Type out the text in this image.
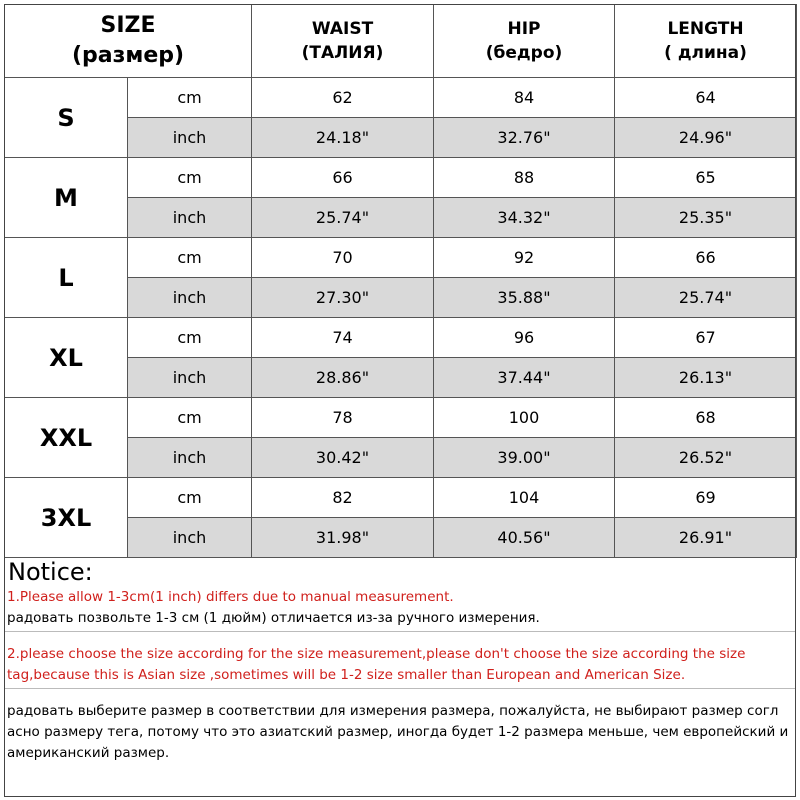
SIZE
(размер)		WAIST
(ТАЛИЯ)	HIP
(бедро)	LENGTH
( длина)
S	cm	62	84	64
	inch	24.18"	32.76"	24.96"
M	cm	66	88	65
	inch	25.74"	34.32"	25.35"
L	cm	70	92	66
	inch	27.30"	35.88"	25.74"
XL	cm	74	96	67
	inch	28.86"	37.44"	26.13"
XXL	cm	78	100	68
	inch	30.42"	39.00"	26.52"
3XL	cm	82	104	69
	inch	31.98"	40.56"	26.91"
Notice:
1.Please allow 1-3cm(1 inch) differs due to manual measurement.
радовать позвольте 1-3 см (1 дюйм) отличается из-за ручного измерения.
2.please choose the size according for the size measurement,please don't choose the size according the size tag,because this is Asian size ,sometimes will be 1-2 size smaller than European and American Size.
радовать выберите размер в соответствии для измерения размера, пожалуйста, не выбирают размер согл асно размеру тега, потому что это азиатский размер, иногда будет 1-2 размера меньше, чем европейский и американский размер.
